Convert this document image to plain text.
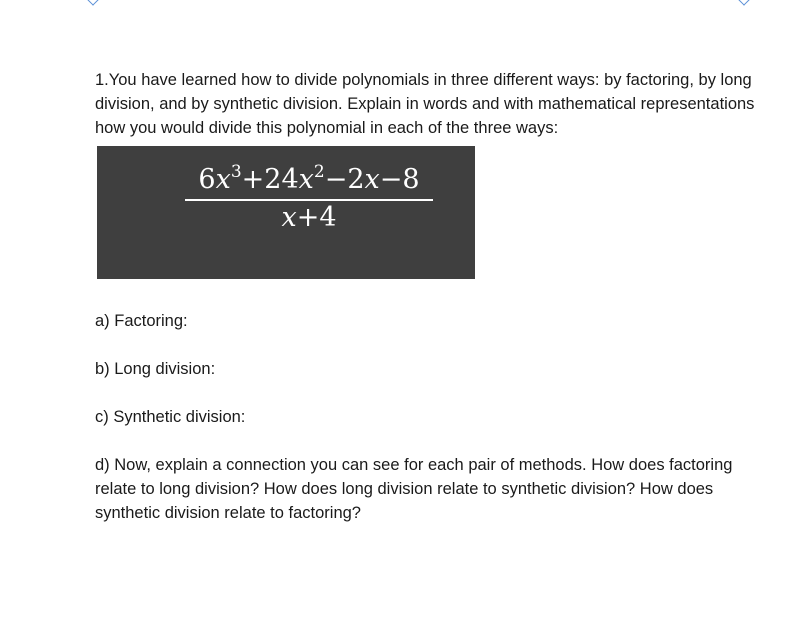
1.You have learned how to divide polynomials in three different ways: by factoring, by long division, and by synthetic division. Explain in words and with mathematical representations how you would divide this polynomial in each of the three ways:

$6x^3+24x^2-2x-8$
x+4

a) Factoring:

b) Long division:

c) Synthetic division:

d) Now, explain a connection you can see for each pair of methods. How does factoring relate to long division? How does long division relate to synthetic division? How does synthetic division relate to factoring?
